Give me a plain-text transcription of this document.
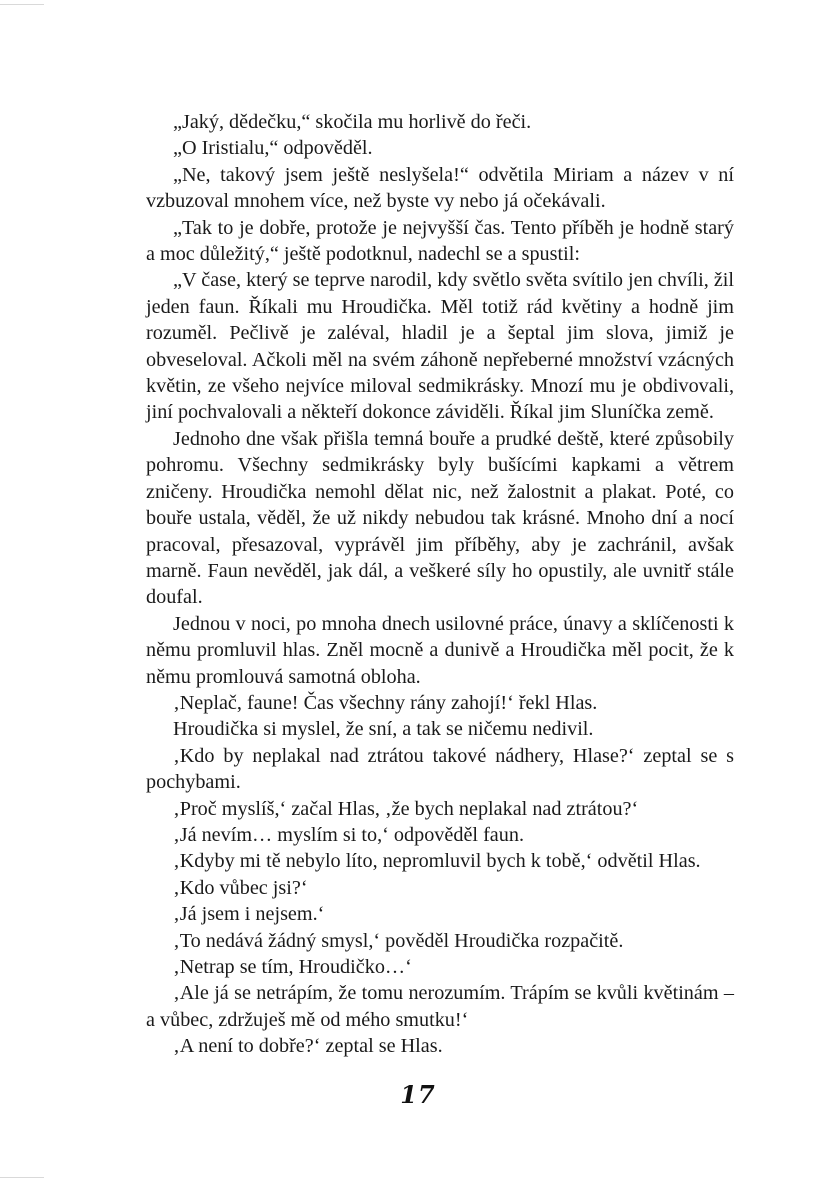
„Jaký, dědečku,“ skočila mu horlivě do řeči.

„O Iristialu,“ odpověděl.

„Ne, takový jsem ještě neslyšela!“ odvětila Miriam a název v ní vzbuzoval mnohem více, než byste vy nebo já očekávali.

„Tak to je dobře, protože je nejvyšší čas. Tento příběh je hodně starý a moc důležitý,“ ještě podotknul, nadechl se a spustil:

„V čase, který se teprve narodil, kdy světlo světa svítilo jen chvíli, žil jeden faun. Říkali mu Hroudička. Měl totiž rád květiny a hodně jim rozuměl. Pečlivě je zaléval, hladil je a šeptal jim slova, jimiž je obveseloval. Ačkoli měl na svém záhoně nepřeberné množství vzácných květin, ze všeho nejvíce miloval sedmikrásky. Mnozí mu je obdivovali, jiní pochvalovali a někteří dokonce záviděli. Říkal jim Sluníčka země.

Jednoho dne však přišla temná bouře a prudké deště, které způsobily pohromu. Všechny sedmikrásky byly bušícími kapkami a větrem zničeny. Hroudička nemohl dělat nic, než žalostnit a plakat. Poté, co bouře ustala, věděl, že už nikdy nebudou tak krásné. Mnoho dní a nocí pracoval, přesazoval, vyprávěl jim příběhy, aby je zachránil, avšak marně. Faun nevěděl, jak dál, a veškeré síly ho opustily, ale uvnitř stále doufal.

Jednou v noci, po mnoha dnech usilovné práce, únavy a sklíčenosti k němu promluvil hlas. Zněl mocně a dunivě a Hroudička měl pocit, že k němu promlouvá samotná obloha.

‚Neplač, faune! Čas všechny rány zahojí!‘ řekl Hlas.

Hroudička si myslel, že sní, a tak se ničemu nedivil.

‚Kdo by neplakal nad ztrátou takové nádhery, Hlase?‘ zeptal se s pochybami.

‚Proč myslíš,‘ začal Hlas, ‚že bych neplakal nad ztrátou?‘

‚Já nevím… myslím si to,‘ odpověděl faun.

‚Kdyby mi tě nebylo líto, nepromluvil bych k tobě,‘ odvětil Hlas.

‚Kdo vůbec jsi?‘

‚Já jsem i nejsem.‘

‚To nedává žádný smysl,‘ pověděl Hroudička rozpačitě.

‚Netrap se tím, Hroudičko…‘

‚Ale já se netrápím, že tomu nerozumím. Trápím se kvůli květinám – a vůbec, zdržuješ mě od mého smutku!‘

‚A není to dobře?‘ zeptal se Hlas.

17
